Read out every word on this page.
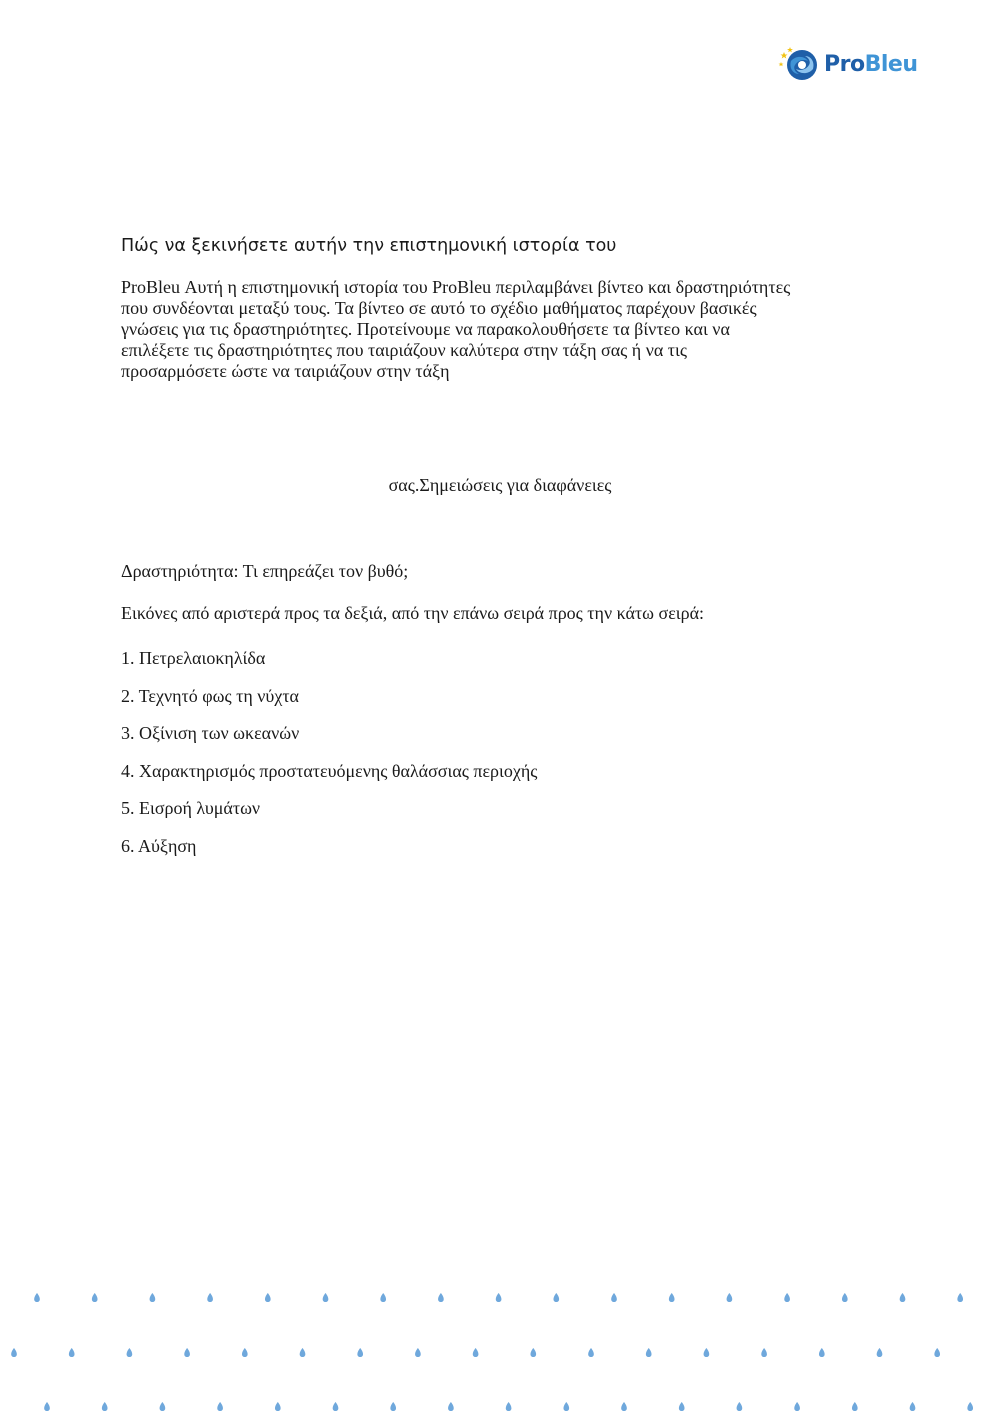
ProBleu
Πώς να ξεκινήσετε αυτήν την επιστημονική ιστορία του

ProBleu Αυτή η επιστημονική ιστορία του ProBleu περιλαμβάνει βίντεο και δραστηριότητες
που συνδέονται μεταξύ τους. Τα βίντεο σε αυτό το σχέδιο μαθήματος παρέχουν βασικές
γνώσεις για τις δραστηριότητες. Προτείνουμε να παρακολουθήσετε τα βίντεο και να
επιλέξετε τις δραστηριότητες που ταιριάζουν καλύτερα στην τάξη σας ή να τις
προσαρμόσετε ώστε να ταιριάζουν στην τάξη

σας.Σημειώσεις για διαφάνειες

Δραστηριότητα: Τι επηρεάζει τον βυθό;

Εικόνες από αριστερά προς τα δεξιά, από την επάνω σειρά προς την κάτω σειρά:

1. Πετρελαιοκηλίδα
2. Τεχνητό φως τη νύχτα
3. Οξίνιση των ωκεανών
4. Χαρακτηρισμός προστατευόμενης θαλάσσιας περιοχής
5. Εισροή λυμάτων
6. Αύξηση
